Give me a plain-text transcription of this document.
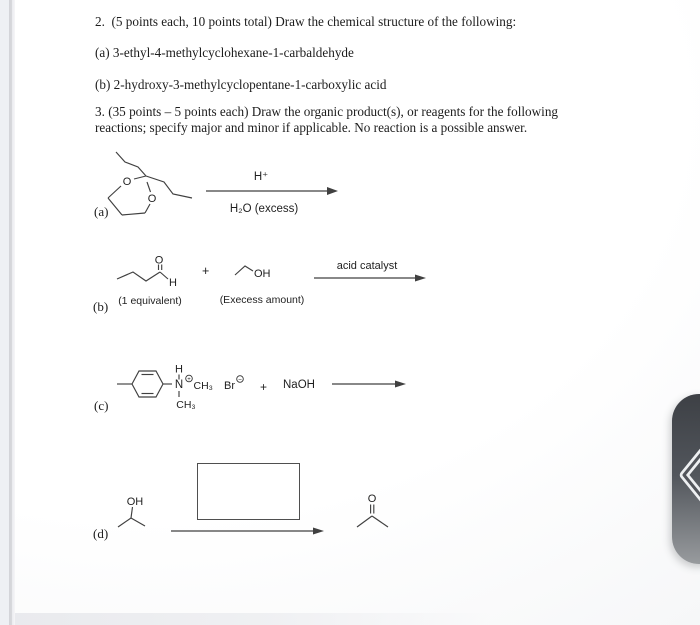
2.  (5 points each, 10 points total) Draw the chemical structure of the following:
(a) 3-ethyl-4-methylcyclohexane-1-carbaldehyde
(b) 2-hydroxy-3-methylcyclopentane-1-carboxylic acid
3. (35 points – 5 points each) Draw the organic product(s), or reagents for the following
reactions; specify major and minor if applicable. No reaction is a possible answer.
O
O
(a)
H⁺
H₂O (excess)
O
H
+	OH
(1 equivalent)	(Execess amount)
(b)
acid catalyst
N
H
+ CH₃
CH₃
Br
−
+ NaOH
(c)
OH	O
(d)
